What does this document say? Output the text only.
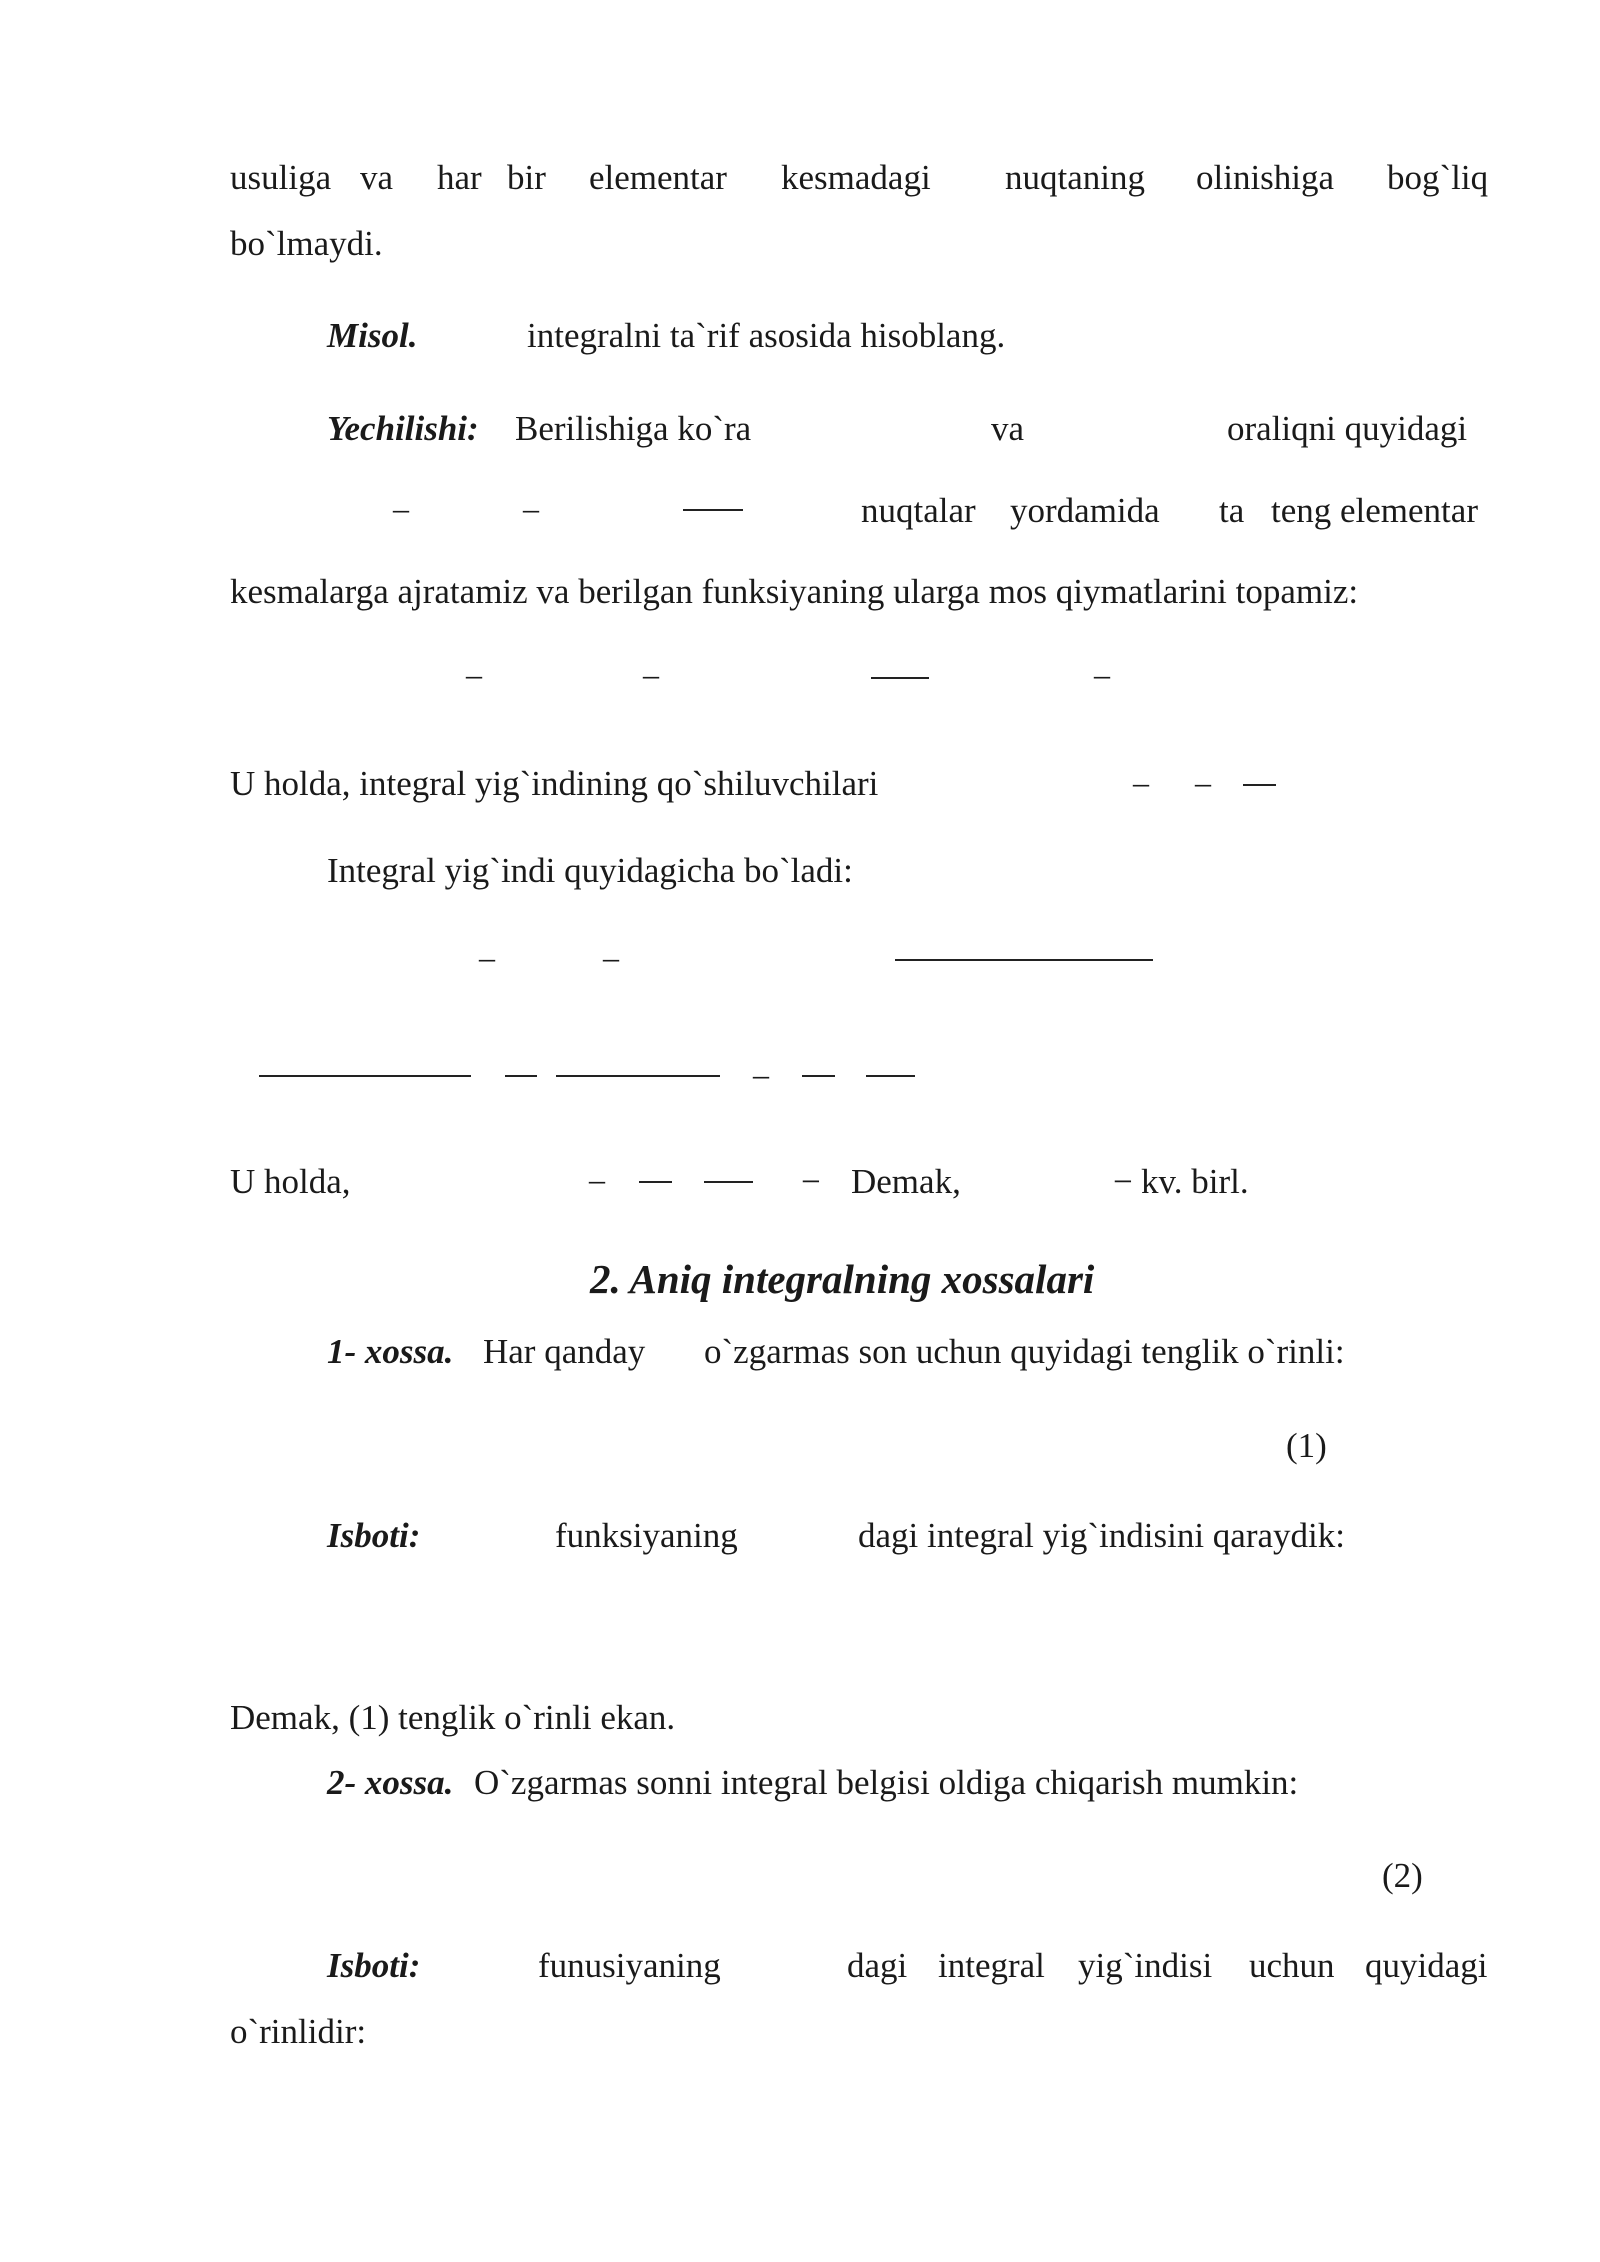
usuliga va har bir elementar kesmadagi nuqtaning olinishiga bog`liq
bo`lmaydi.
Misol.	integralni ta`rif asosida hisoblang.
Yechilishi: Berilishiga ko`ra	va	oraliqni quyidagi
–	–	nuqtalar yordamida ta teng elementar
kesmalarga ajratamiz va berilgan funksiyaning ularga mos qiymatlarini topamiz:
–	–	–
U holda, integral yig`indining qo`shiluvchilari	– –
Integral yig`indi quyidagicha bo`ladi:
–	–
–
U holda,	–	− Demak,	− kv. birl.
2. Aniq integralning xossalari
1- xossa. Har qanday o`zgarmas son uchun quyidagi tenglik o`rinli:
(1)
Isboti:	funksiyaning	dagi integral yig`indisini qaraydik:
Demak, (1) tenglik o`rinli ekan.
2- xossa. O`zgarmas sonni integral belgisi oldiga chiqarish mumkin:
(2)
Isboti:	funusiyaning	dagi integral yig`indisi uchun quyidagi
o`rinlidir:
